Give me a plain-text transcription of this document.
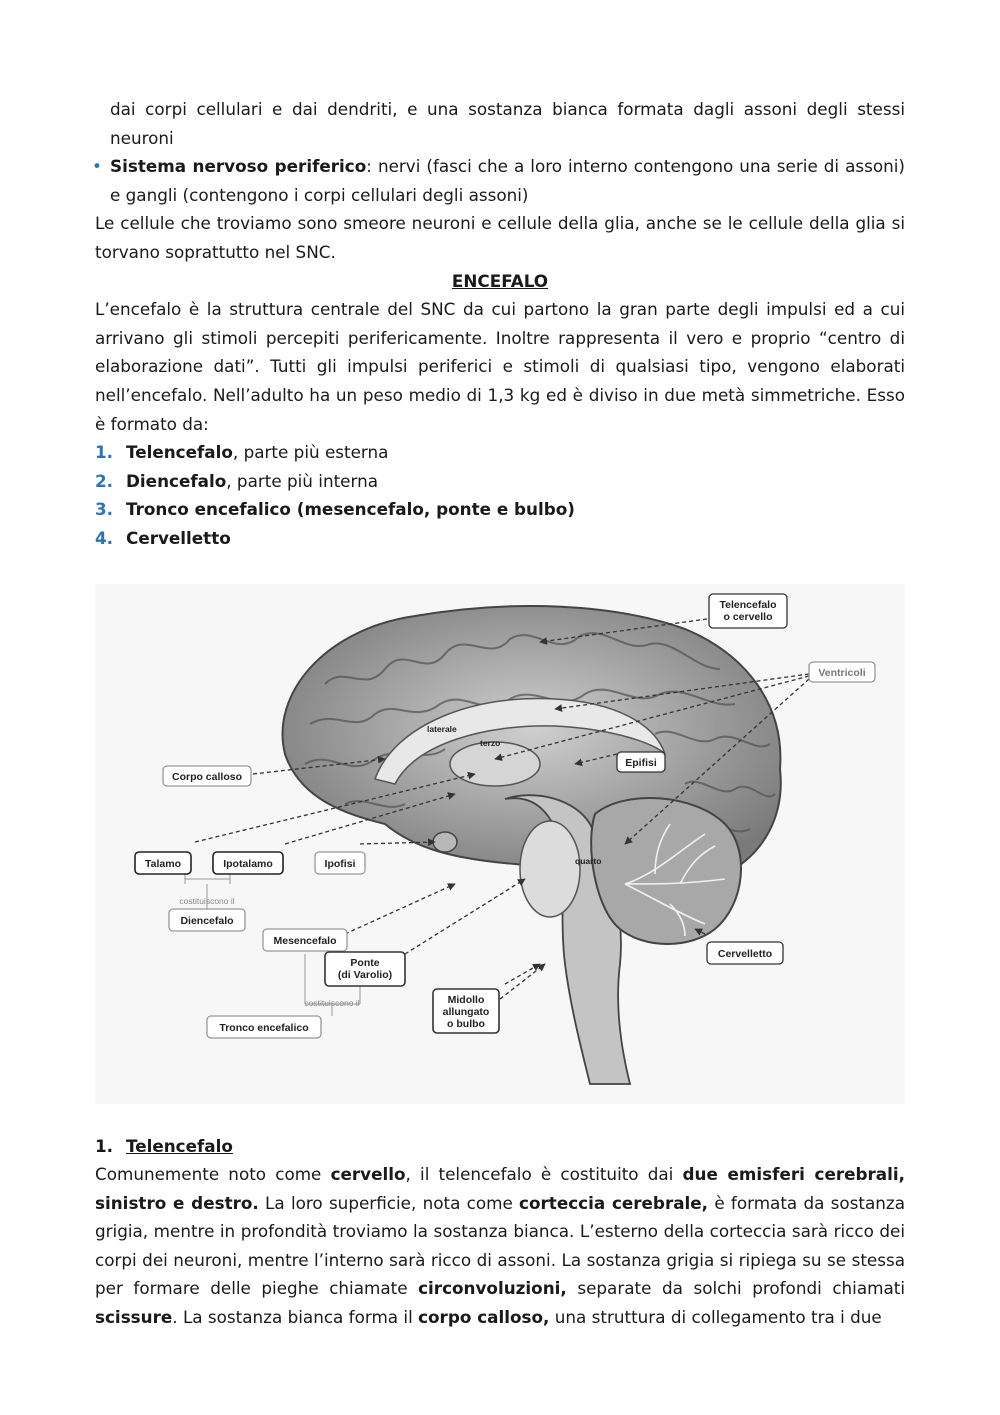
dai corpi cellulari e dai dendriti, e una sostanza bianca formata dagli assoni degli stessi neuroni

• Sistema nervoso periferico: nervi (fasci che a loro interno contengono una serie di assoni) e gangli (contengono i corpi cellulari degli assoni)

Le cellule che troviamo sono smeore neuroni e cellule della glia, anche se le cellule della glia si torvano soprattutto nel SNC.

ENCEFALO

L’encefalo è la struttura centrale del SNC da cui partono la gran parte degli impulsi ed a cui arrivano gli stimoli percepiti perifericamente. Inoltre rappresenta il vero e proprio “centro di elaborazione dati”. Tutti gli impulsi periferici e stimoli di qualsiasi tipo, vengono elaborati nell’encefalo. Nell’adulto ha un peso medio di 1,3 kg ed è diviso in due metà simmetriche. Esso è formato da:

1. Telencefalo, parte più esterna
2. Diencefalo, parte più interna
3. Tronco encefalico (mesencefalo, ponte e bulbo)
4. Cervelletto
laterale
terzo
quarto
Telencefalo
o cervello
Ventricoli
Epifisi
Corpo calloso
Talamo	Ipotalamo	Ipofisi
costituiscono il
Diencefalo
Mesencefalo
Ponte
(di Varolio)
costituiscono il
Tronco encefalico
Midollo
allungato
o bulbo
Cervelletto
1. Telencefalo

Comunemente noto come cervello, il telencefalo è costituito dai due emisferi cerebrali, sinistro e destro. La loro superficie, nota come corteccia cerebrale, è formata da sostanza grigia, mentre in profondità troviamo la sostanza bianca. L’esterno della corteccia sarà ricco dei corpi dei neuroni, mentre l’interno sarà ricco di assoni. La sostanza grigia si ripiega su se stessa per formare delle pieghe chiamate circonvoluzioni, separate da solchi profondi chiamati scissure. La sostanza bianca forma il corpo calloso, una struttura di collegamento tra i due
